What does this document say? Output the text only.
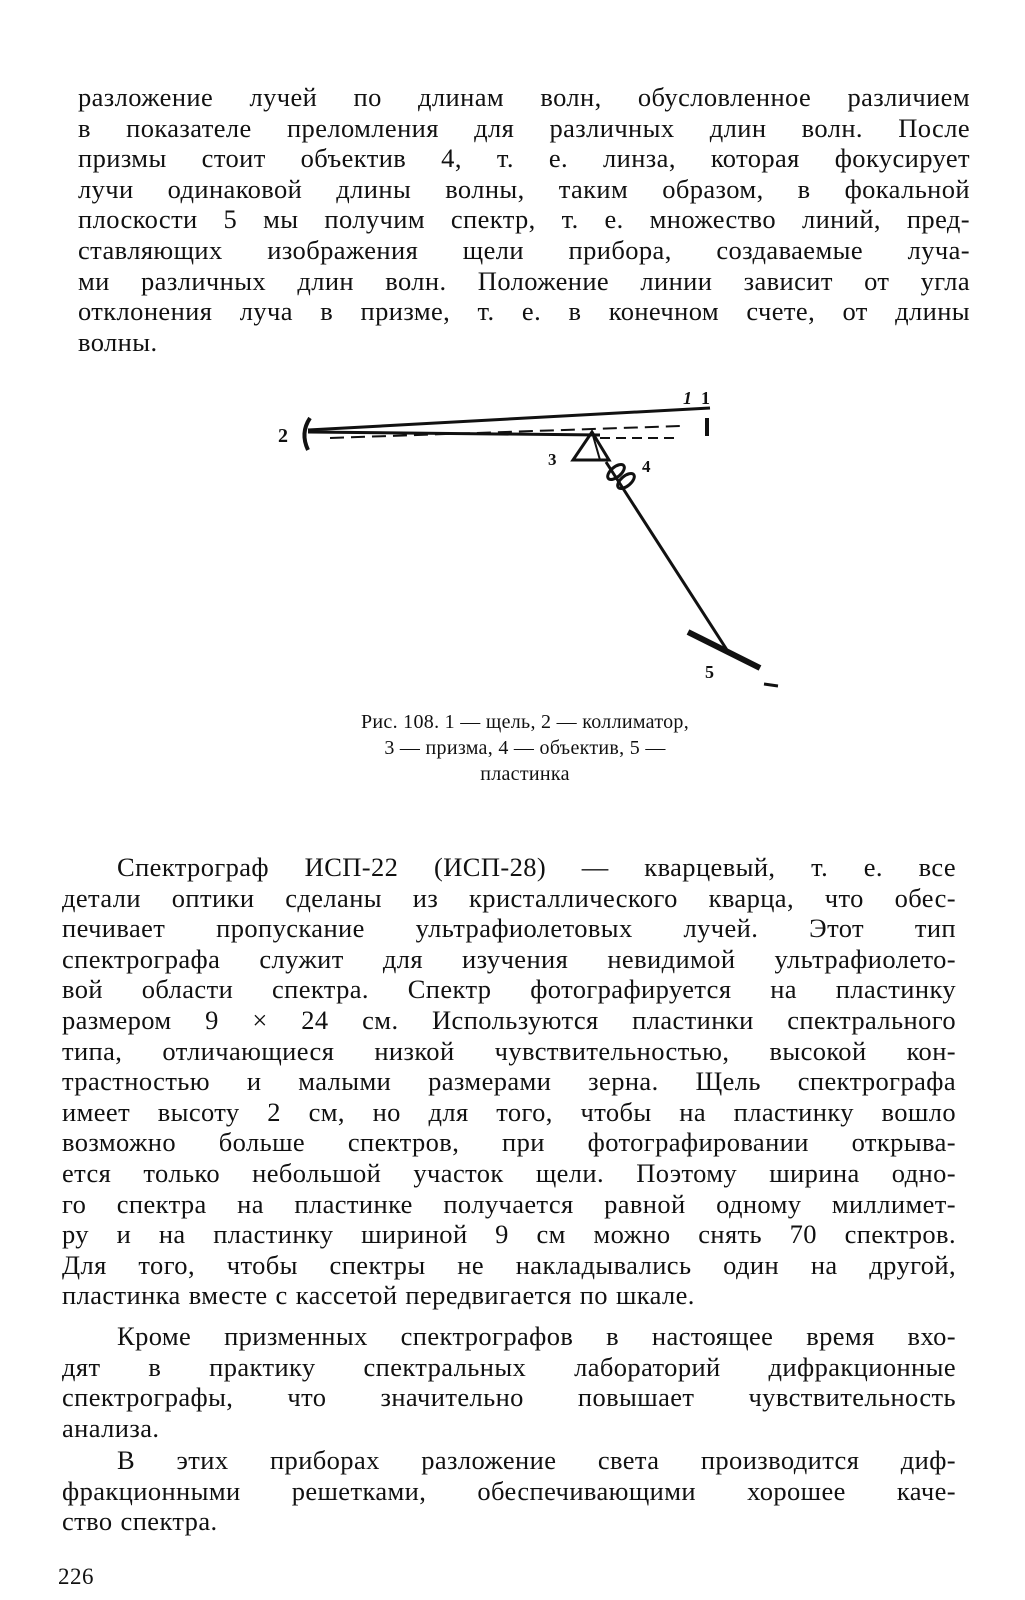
разложение лучей по длинам волн, обусловленное различием
в показателе преломления для различных длин волн. После
призмы стоит объектив 4, т. е. линза, которая фокусирует
лучи одинаковой длины волны, таким образом, в фокальной
плоскости 5 мы получим спектр, т. е. множество линий, пред-
ставляющих изображения щели прибора, создаваемые луча-
ми различных длин волн. Положение линии зависит от угла
отклонения луча в призме, т. е. в конечном счете, от длины
волны.
2
1 1
3	4
5
Рис. 108. 1 — щель, 2 — коллиматор,
3 — призма, 4 — объектив, 5 —
пластинка
Спектрограф ИСП-22 (ИСП-28) — кварцевый, т. е. все
детали оптики сделаны из кристаллического кварца, что обес-
печивает пропускание ультрафиолетовых лучей. Этот тип
спектрографа служит для изучения невидимой ультрафиолето-
вой области спектра. Спектр фотографируется на пластинку
размером 9 × 24 см. Используются пластинки спектрального
типа, отличающиеся низкой чувствительностью, высокой кон-
трастностью и малыми размерами зерна. Щель спектрографа
имеет высоту 2 см, но для того, чтобы на пластинку вошло
возможно больше спектров, при фотографировании открыва-
ется только небольшой участок щели. Поэтому ширина одно-
го спектра на пластинке получается равной одному миллимет-
ру и на пластинку шириной 9 см можно снять 70 спектров.
Для того, чтобы спектры не накладывались один на другой,
пластинка вместе с кассетой передвигается по шкале.
Кроме призменных спектрографов в настоящее время вхо-
дят в практику спектральных лабораторий дифракционные
спектрографы, что значительно повышает чувствительность
анализа.
В этих приборах разложение света производится диф-
фракционными решетками, обеспечивающими хорошее каче-
ство спектра.
226
